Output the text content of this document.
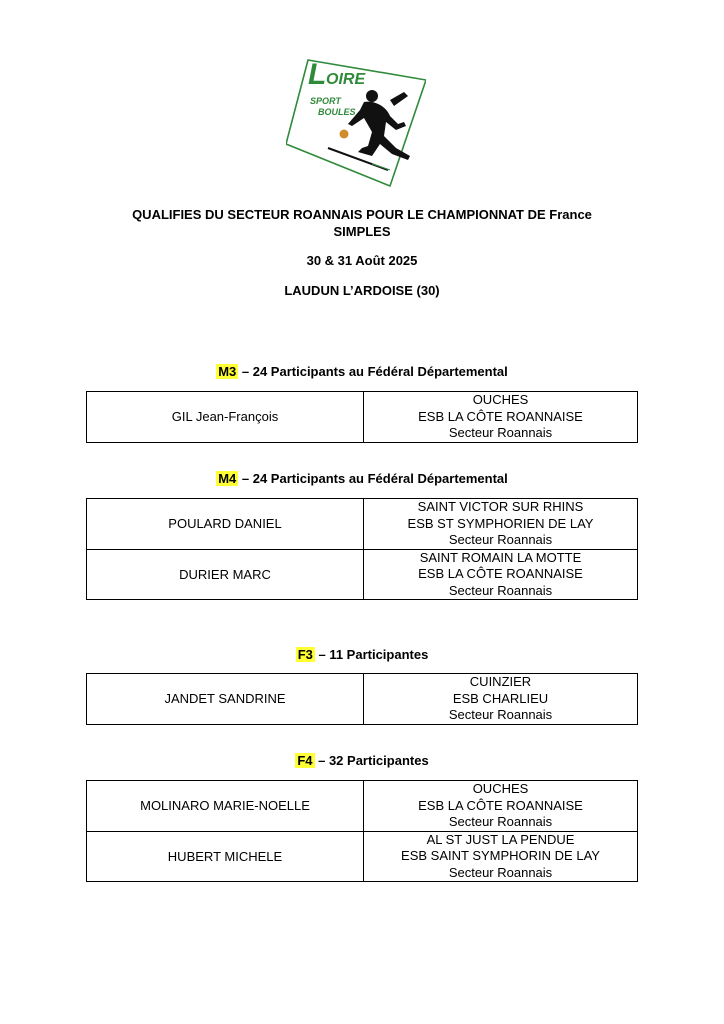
L OIRE
SPORT
BOULES
QUALIFIES DU SECTEUR ROANNAIS POUR LE CHAMPIONNAT DE France
SIMPLES
30 & 31 Août 2025
LAUDUN L’ARDOISE (30)
M3 – 24 Participants au Fédéral Départemental
GIL Jean-François	
OUCHES
ESB LA CÔTE ROANNAISE
Secteur Roannais
M4 – 24 Participants au Fédéral Départemental
POULARD DANIEL	SAINT VICTOR SUR RHINS
ESB ST SYMPHORIEN DE LAY
Secteur Roannais

DURIER MARC	SAINT ROMAIN LA MOTTE
ESB LA CÔTE ROANNAISE
Secteur Roannais
F3 – 11 Participantes
JANDET SANDRINE	
CUINZIER
ESB CHARLIEU
Secteur Roannais
F4 – 32 Participantes
MOLINARO MARIE-NOELLE	OUCHES
ESB LA CÔTE ROANNAISE
Secteur Roannais

HUBERT MICHELE	AL ST JUST LA PENDUE
ESB SAINT SYMPHORIN DE LAY
Secteur Roannais
